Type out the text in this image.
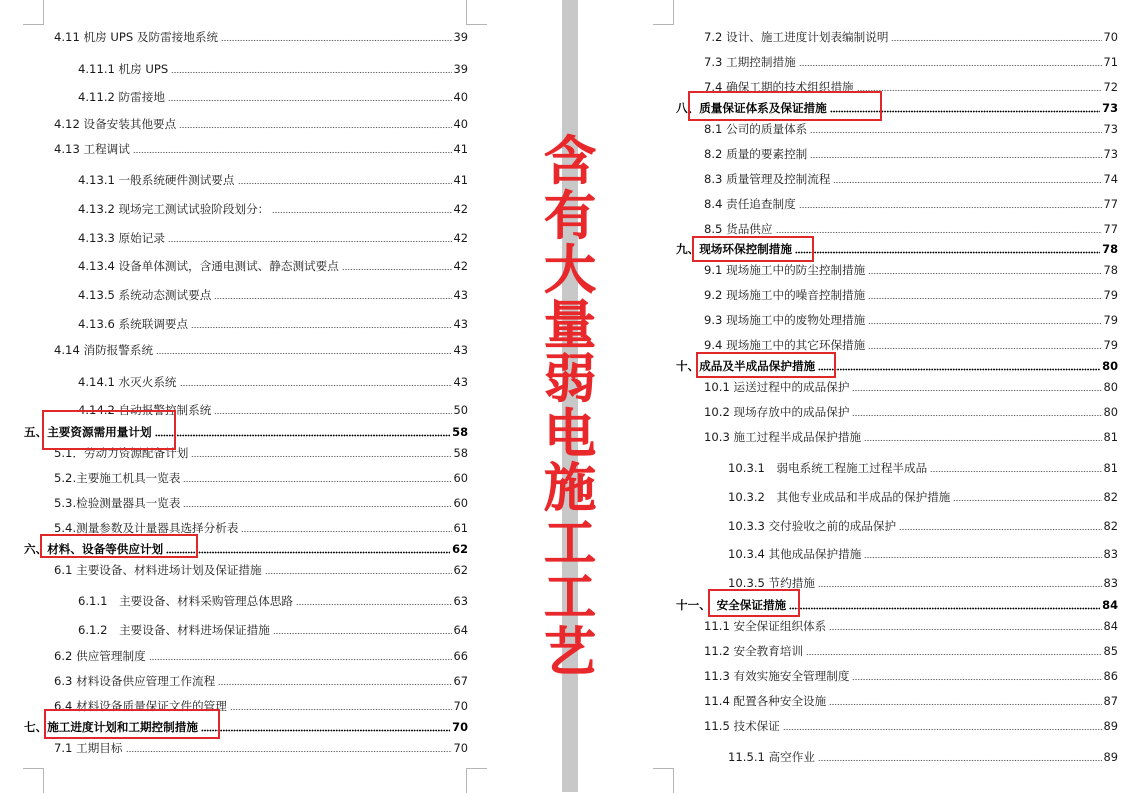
含
有
大
量
弱
电
施
工
工
艺
4.11 机房 UPS 及防雷接地系统	39
4.11.1 机房 UPS	39
4.11.2 防雷接地	40
4.12 设备安装其他要点	40
4.13 工程调试	41
4.13.1 一般系统硬件测试要点	41
4.13.2 现场完工测试试验阶段划分：	42
4.13.3 原始记录	42
4.13.4 设备单体测试，含通电测试、静态测试要点	42
4.13.5 系统动态测试要点	43
4.13.6 系统联调要点	43
4.14 消防报警系统	43
4.14.1 水灭火系统	43
4.14.2 自动报警控制系统	50
五、主要资源需用量计划	58
5.1．劳动力资源配备计划	58
5.2.主要施工机具一览表	60
5.3.检验测量器具一览表	60
5.4.测量参数及计量器具选择分析表	61
六、材料、设备等供应计划	62
6.1 主要设备、材料进场计划及保证措施	62
6.1.1　主要设备、材料采购管理总体思路	63
6.1.2　主要设备、材料进场保证措施	64
6.2 供应管理制度	66
6.3 材料设备供应管理工作流程	67
6.4 材料设备质量保证文件的管理	70
七、施工进度计划和工期控制措施	70
7.1 工期目标	70
7.2 设计、施工进度计划表编制说明	70
7.3 工期控制措施	71
7.4 确保工期的技术组织措施	72
八、质量保证体系及保证措施	73
8.1 公司的质量体系	73
8.2 质量的要素控制	73
8.3 质量管理及控制流程	74
8.4 责任追查制度	77
8.5 货品供应	77
九、现场环保控制措施	78
9.1 现场施工中的防尘控制措施	78
9.2 现场施工中的噪音控制措施	79
9.3 现场施工中的废物处理措施	79
9.4 现场施工中的其它环保措施	79
十、成品及半成品保护措施	80
10.1 运送过程中的成品保护	80
10.2 现场存放中的成品保护	80
10.3 施工过程半成品保护措施	81
10.3.1　弱电系统工程施工过程半成品	81
10.3.2　其他专业成品和半成品的保护措施	82
10.3.3 交付验收之前的成品保护	82
10.3.4 其他成品保护措施	83
10.3.5 节约措施	83
十一、　安全保证措施	84
11.1 安全保证组织体系	84
11.2 安全教育培训	85
11.3 有效实施安全管理制度	86
11.4 配置各种安全设施	87
11.5 技术保证	89
11.5.1 高空作业	89
